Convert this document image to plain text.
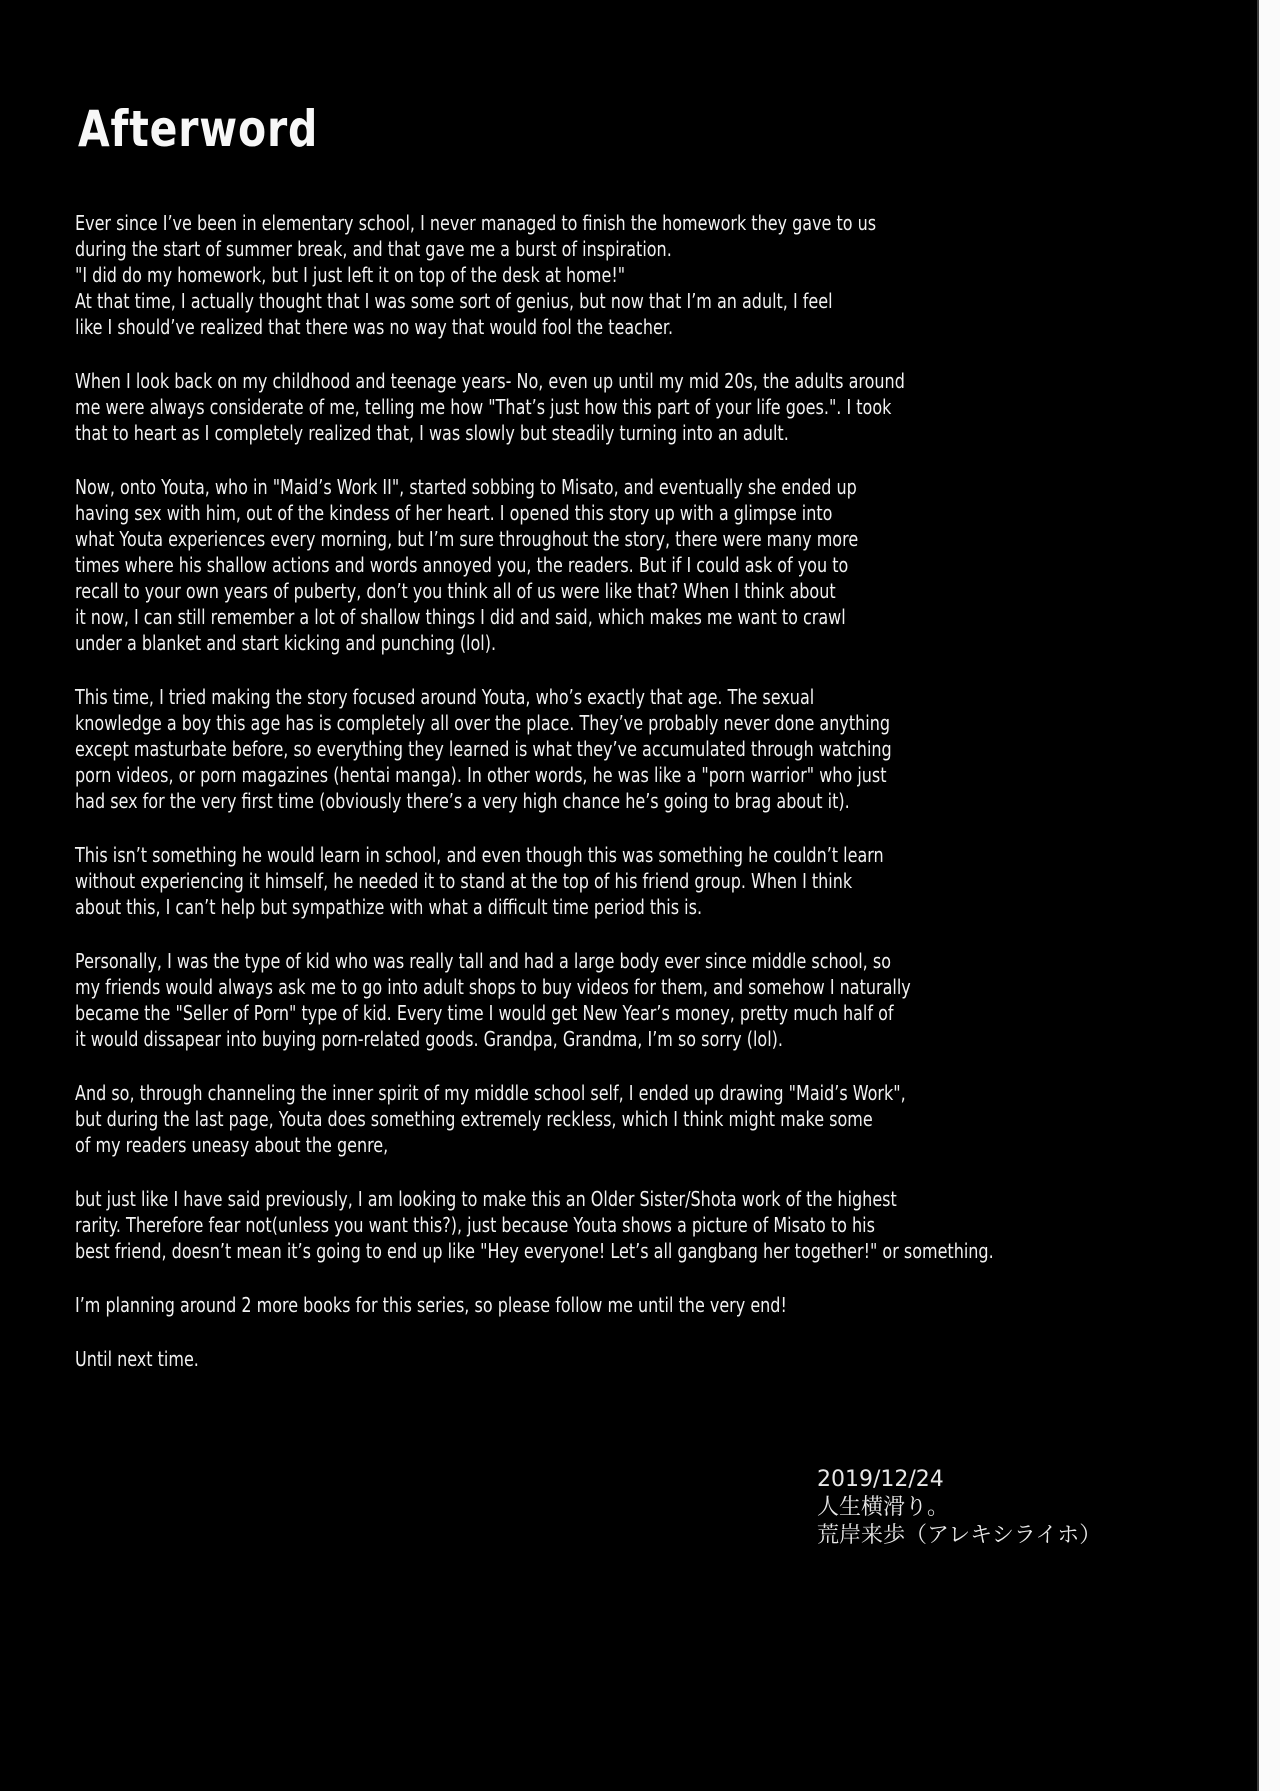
Afterword
Ever since I’ve been in elementary school, I never managed to finish the homework they gave to us
during the start of summer break, and that gave me a burst of inspiration.
"I did do my homework, but I just left it on top of the desk at home!"
At that time, I actually thought that I was some sort of genius, but now that I’m an adult, I feel
like I should’ve realized that there was no way that would fool the teacher.
When I look back on my childhood and teenage years- No, even up until my mid 20s, the adults around
me were always considerate of me, telling me how "That’s just how this part of your life goes.". I took
that to heart as I completely realized that, I was slowly but steadily turning into an adult.
Now, onto Youta, who in "Maid’s Work II", started sobbing to Misato, and eventually she ended up
having sex with him, out of the kindess of her heart. I opened this story up with a glimpse into
what Youta experiences every morning, but I’m sure throughout the story, there were many more
times where his shallow actions and words annoyed you, the readers. But if I could ask of you to
recall to your own years of puberty, don’t you think all of us were like that? When I think about
it now, I can still remember a lot of shallow things I did and said, which makes me want to crawl
under a blanket and start kicking and punching (lol).
This time, I tried making the story focused around Youta, who’s exactly that age. The sexual
knowledge a boy this age has is completely all over the place. They’ve probably never done anything
except masturbate before, so everything they learned is what they’ve accumulated through watching
porn videos, or porn magazines (hentai manga). In other words, he was like a "porn warrior" who just
had sex for the very first time (obviously there’s a very high chance he’s going to brag about it).
This isn’t something he would learn in school, and even though this was something he couldn’t learn
without experiencing it himself, he needed it to stand at the top of his friend group. When I think
about this, I can’t help but sympathize with what a difficult time period this is.
Personally, I was the type of kid who was really tall and had a large body ever since middle school, so
my friends would always ask me to go into adult shops to buy videos for them, and somehow I naturally
became the "Seller of Porn" type of kid. Every time I would get New Year’s money, pretty much half of
it would dissapear into buying porn-related goods. Grandpa, Grandma, I’m so sorry (lol).
And so, through channeling the inner spirit of my middle school self, I ended up drawing "Maid’s Work",
but during the last page, Youta does something extremely reckless, which I think might make some
of my readers uneasy about the genre,
but just like I have said previously, I am looking to make this an Older Sister/Shota work of the highest
rarity. Therefore fear not(unless you want this?), just because Youta shows a picture of Misato to his
best friend, doesn’t mean it’s going to end up like "Hey everyone! Let’s all gangbang her together!" or something.
I’m planning around 2 more books for this series, so please follow me until the very end!
Until next time.
2019/12/24
人生横滑り。
荒岸来歩（アレキシライホ）
